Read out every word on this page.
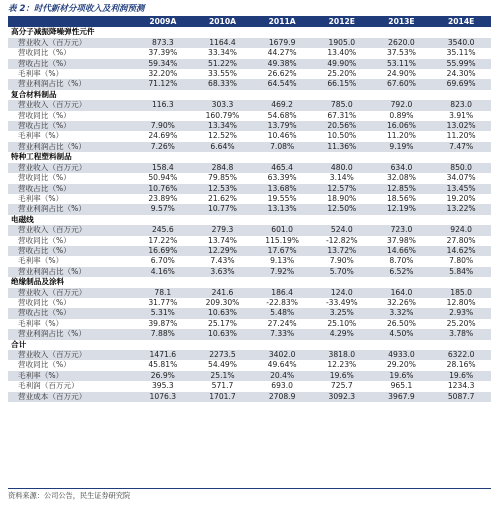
表 2：时代新材分项收入及利润预测
	2009A	2010A	2011A	2012E	2013E	2014E
高分子减振降噪弹性元件						
营业收入（百万元）	873.3	1164.4	1679.9	1905.0	2620.0	3540.0
营收同比（%）	37.39%	33.34%	44.27%	13.40%	37.53%	35.11%
营收占比（%）	59.34%	51.22%	49.38%	49.90%	53.11%	55.99%
毛利率（%）	32.20%	33.55%	26.62%	25.20%	24.90%	24.30%
营业利润占比（%）	71.12%	68.33%	64.54%	66.15%	67.60%	69.69%
复合材料制品						
营业收入（百万元）	116.3	303.3	469.2	785.0	792.0	823.0
营收同比（%）		160.79%	54.68%	67.31%	0.89%	3.91%
营收占比（%）	7.90%	13.34%	13.79%	20.56%	16.06%	13.02%
毛利率（%）	24.69%	12.52%	10.46%	10.50%	11.20%	11.20%
营业利润占比（%）	7.26%	6.64%	7.08%	11.36%	9.19%	7.47%
特种工程塑料制品						
营业收入（百万元）	158.4	284.8	465.4	480.0	634.0	850.0
营收同比（%）	50.94%	79.85%	63.39%	3.14%	32.08%	34.07%
营收占比（%）	10.76%	12.53%	13.68%	12.57%	12.85%	13.45%
毛利率（%）	23.89%	21.62%	19.55%	18.90%	18.56%	19.20%
营业利润占比（%）	9.57%	10.77%	13.13%	12.50%	12.19%	13.22%
电磁线						
营业收入（百万元）	245.6	279.3	601.0	524.0	723.0	924.0
营收同比（%）	17.22%	13.74%	115.19%	-12.82%	37.98%	27.80%
营收占比（%）	16.69%	12.29%	17.67%	13.72%	14.66%	14.62%
毛利率（%）	6.70%	7.43%	9.13%	7.90%	8.70%	7.80%
营业利润占比（%）	4.16%	3.63%	7.92%	5.70%	6.52%	5.84%
绝缘制品及涂料						
营业收入（百万元）	78.1	241.6	186.4	124.0	164.0	185.0
营收同比（%）	31.77%	209.30%	-22.83%	-33.49%	32.26%	12.80%
营收占比（%）	5.31%	10.63%	5.48%	3.25%	3.32%	2.93%
毛利率（%）	39.87%	25.17%	27.24%	25.10%	26.50%	25.20%
营业利润占比（%）	7.88%	10.63%	7.33%	4.29%	4.50%	3.78%
合计						
营业收入（百万元）	1471.6	2273.5	3402.0	3818.0	4933.0	6322.0
营收同比（%）	45.81%	54.49%	49.64%	12.23%	29.20%	28.16%
毛利率（%）	26.9%	25.1%	20.4%	19.6%	19.6%	19.6%
毛利润（百万元）	395.3	571.7	693.0	725.7	965.1	1234.3
营业成本（百万元）	1076.3	1701.7	2708.9	3092.3	3967.9	5087.7
资料来源：公司公告，民生证券研究院
